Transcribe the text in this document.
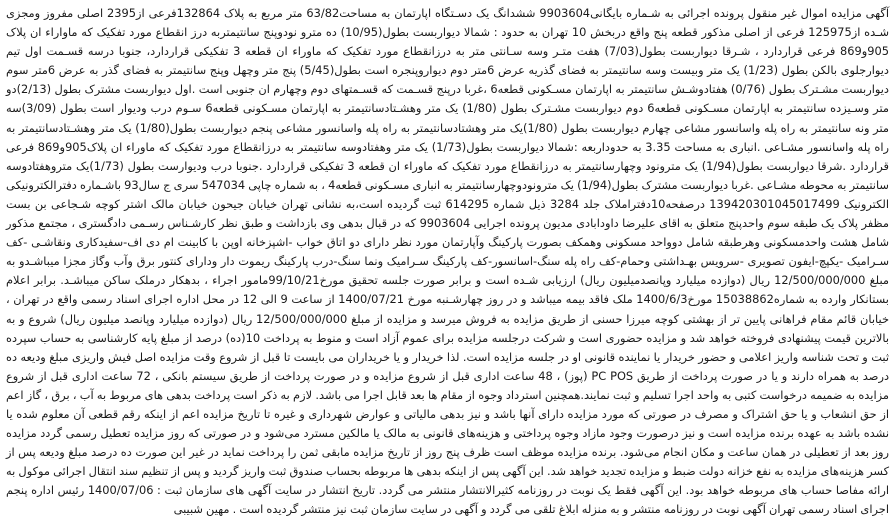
آگهی مزایده اموال غیر منقول پرونده اجرائی به شـماره بایگانی9903604 ششدانگ یک دسـتگاه اپارتمان به مساحت63/82 متر مربع به پلاک 132864فرعی از2395 اصلی مفروز ومجزی شـده از125975 فرعی از اصلی مذکور قطعه پنج واقع دربخش 10 تهران به حدود : شمالا دیواربست بطول(10/95) ده مترو نودوپنج سانتیمتربه درز انقطاع مورد تفکیک که ماواراء ان پلاک 905و869 فرعی قراردارد ، شـرقا دیواربست بطول(7/03) هفت متـر وسه سـانتی متر به درزانقطاع مورد تفکیک که ماوراء ان قطعه 3 تفکیکی قراردارد، جنوبا درسه قسـمت اول تیم دیوارجلوی بالکن بطول (1/23) یک متر وبیست وسه سانتیمتر به فضای گذریه عرض 6متر دوم دیواروپنجره است بطول(5/45) پنج متر وچهل وپنج سانتیمتر به فضای گذر به عرض 6متر سوم دیواربست مشـترک بطول (0/76) هفتادوشـش سانتیمتر به اپارتمان مسـکونی قطعه6 ،غربا درپنج قسـمت که قسـمتهای دوم وچهارم ان جنوبی است .اول دیواربست مشترک بطول (2/13)دو متر وسـیزده سانتیمتر به اپارتمان مسـکونی قطعه6 دوم دیواربست مشـترک بطول (1/80) یک متر وهشـتادسانتیمتر به اپارتمان مسـکونی قطعه6 سـوم درب ودیوار است بطول (3/09)سه متر ونه سانتیمتر به راه پله واسانسور مشاعی چهارم دیواربست بطول (1/80)یک متر وهشتادسانتیمتر به راه پله واسانسور مشاعی پنجم دیواربست بطول(1/80) یک متر وهشـتادسانتیمتر به راه پله واسانسور مشـاعی .انباری به مساحت 3.35 به حدوداربعه :شمالا دیواربست بطول(1/73) یک متر وهفتادوسه سانتیمتر به درزانقطاع مورد تفکیک که ماوراء ان پلاک905و869 فرعی قراردارد .شرقا دیواربست بطول(1/94) یک مترونود وچهارسانتیمتر به درزانقطاع مورد تفکیک که ماوراء ان قطعه 3 تفکیکی قراردارد .جنوبا درب ودیوارست بطول (1/73)یک متروهفتادوسه سانتیمتر به محوطه مشـاعی .غربا دیواربست مشترک بطول(1/94) یک مترونودوچهارسانتیمتر به انباری مسـکونی قطعه4 ، به شماره چاپی 547034 سری ج سال93 باشـماره دفترالکترونیکی الکترونیک 139420301045017499 درصفحه10دفتراملاک جلد 3284 ذیل شماره 614295 ثبت گردیده است،به نشانی تهران خیابان جیحون خیابان مالک اشتر کوچه شـجاعی بن بست مظفر پلاک یک طبقه سوم واحدپنج متعلق به اقای علیرضا داودابادی مدیون پرونده اجرایی 9903604 که در قبال بدهی وی بازداشت و طبق نظر کارشـناس رسـمی دادگستری ، مجتمع مذکور شامل هشت واحدمسکونی وهرطبقه شامل دوواحد مسکونی وهمکف بصورت پارکینگ وآپارتمان مورد نظر دارای دو اتاق خواب -اشپزخانه اوپن با کابینت ام دی اف-سفیدکاری ونقاشـی -کف سـرامیک -یکپچ-ایفون تصویری -سرویس بهـداشتی وحمام-کف راه پله سنگ-اسانسور-کف پارکینگ سـرامیک ونما سنگ-درب پارکینگ ریموت دار ودارای کنتور برق وآب وگاز مجزا میباشـدو به مبلغ 12/500/000/000 ریال (دوازده میلیارد وپانصدمیلیون ریال) ارزیابی شـده است و برابر صورت جلسه تحقیق مورخ99/10/21مامور اجراء ، بدهکار درملک ساکن میباشـد. برابر اعلام بستانکار وارده به شماره15038862 مورخ1400/6/3 ملک فاقد بیمه میباشد و در روز چهارشـنبه مورخ 1400/07/21 از ساعت 9 الی 12 در محل اداره اجرای اسناد رسمی واقع در تهران ، خیابان قائم مقام فراهانی پایین تر از بهشتی کوچه میرزا حسنی از طریق مزایده به فروش میرسد و مزایده از مبلغ 12/500/000/000 ریال (دوازده میلیارد وپانصد میلیون ریال) شروع و به بالاترین قیمت پیشنهادی فروخته خواهد شد و مزایده حضوری است و شرکت درجلسه مزایده برای عموم آزاد است و منوط به پرداخت 10(ده) درصد از مبلغ پایه کارشناسی به حساب سپرده ثبت و تحت شناسه واریز اعلامی و حضور خریدار یا نماینده قانونی او در جلسه مزایده است. لذا خریدار و یا خریداران می بایست تا قبل از شروع وقت مزایده اصل فیش واریزی مبلغ ودیعه ده درصد به همراه دارند و یا در صورت پرداخت از طریق PC POS (پوز) ، 48 ساعت اداری قبل از شروع مزایده و در صورت پرداخت از طریق سیستم بانکی ، 72 ساعت اداری قبل از شروع مزایده به ضمیمه درخواست کتبی به واحد اجرا تسلیم و ثبت نمایند.همچنین استرداد وجوه از مقام ها بعد قابل اجرا می باشد. لازم به ذکر است پرداخت بدهی های مربوط به آب ، برق ، گاز اعم از حق انشعاب و یا حق اشتراک و مصرف در صورتی که مورد مزایده دارای آنها باشد و نیز بدهی مالیاتی و عوارض شهرداری و غیره تا تاریخ مزایده اعم از اینکه رقم قطعی آن معلوم شده یا نشده باشد به عهده برنده مزایده است و نیز درصورت وجود مازاد وجوه پرداختی و هزینه‌های قانونی به مالک یا مالکین مسترد می‌شود و در صورتی که روز مزایده تعطیل رسمی گردد مزایده روز بعد از تعطیلی در همان ساعت و مکان انجام می‌شود. برنده مزایده موظف است ظرف پنج روز از تاریخ مزایده مابقی ثمن را پرداخت نماید در غیر این صورت ده درصد مبلغ ودیعه پس از کسر هزینه‌های مزایده به نفع خزانه دولت ضبط و مزایده تجدید خواهد شد. این آگهی پس از اینکه بدهی ها مربوطه بحساب صندوق ثبت واریز گردید و پس از تنظیم سند انتقال اجرائی موکول به ارائه مفاصا حساب های مربوطه خواهد بود. این آگهی فقط یک نوبت در روزنامه کثیرالانتشار منتشر می گردد. تاریخ انتشار در سایت آگهی های سازمان ثبت : 1400/07/06 رئیس اداره پنجم اجرای اسناد رسمی تهران آگهی نوبت در روزنامه منتشر و به منزله ابلاغ تلقی می گردد و آگهی در سایت سازمان ثبت نیز منتشر گردیده است . مهین شبیبی
